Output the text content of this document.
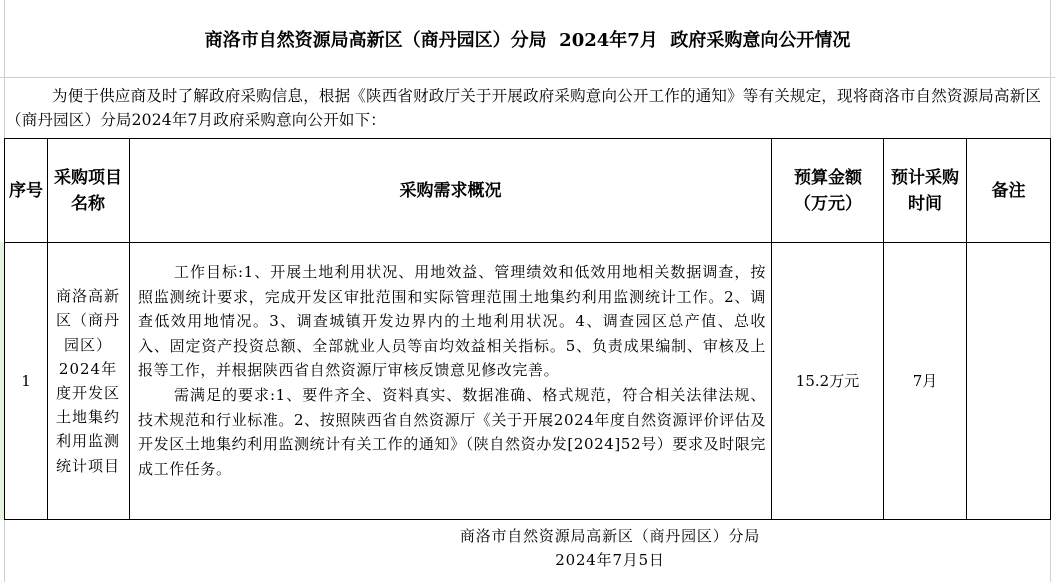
商洛市自然资源局高新区（商丹园区）分局  2024年7月  政府采购意向公开情况
为便于供应商及时了解政府采购信息，根据《陕西省财政厅关于开展政府采购意向公开工作的通知》等有关规定，现将商洛市自然资源局高新区（商丹园区）分局2024年7月政府采购意向公开如下：
序号
采购项目名称
采购需求概况
预算金额（万元）
预计采购时间
备注
1
商洛高新区（商丹园区）2024年度开发区土地集约利用监测统计项目
15.2万元	7月

工作目标:1、开展土地利用状况、用地效益、管理绩效和低效用地相关数据调查，按照监测统计要求，完成开发区审批范围和实际管理范围土地集约利用监测统计工作。2、调查低效用地情况。3、调查城镇开发边界内的土地利用状况。4、调查园区总产值、总收入、固定资产投资总额、全部就业人员等亩均效益相关指标。5、负责成果编制、审核及上报等工作，并根据陕西省自然资源厅审核反馈意见修改完善。

需满足的要求:1、要件齐全、资料真实、数据准确、格式规范，符合相关法律法规、技术规范和行业标准。2、按照陕西省自然资源厅《关于开展2024年度自然资源评价评估及开发区土地集约利用监测统计有关工作的通知》（陕自然资办发[2024]52号）要求及时限完成工作任务。

商洛市自然资源局高新区（商丹园区）分局
2024年7月5日
